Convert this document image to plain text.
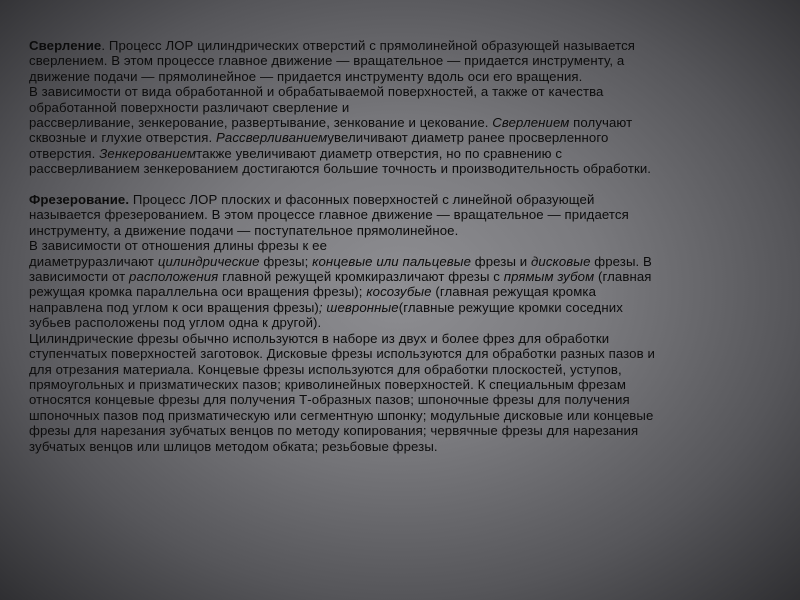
Сверление. Процесс ЛОР цилиндрических отверстий с прямолинейной образующей называется
сверлением. В этом процессе главное движение — вращательное — придается инструменту, а
движение подачи — прямолинейное — придается инструменту вдоль оси его вращения.
В зависимости от вида обработанной и обрабатываемой поверхностей, а также от качества
обработанной поверхности различают сверление и
рассверливание, зенкерование, развертывание, зенкование и цекование. Сверлением получают
сквозные и глухие отверстия. Рассверливаниемувеличивают диаметр ранее просверленного
отверстия. Зенкерованиемтакже увеличивают диаметр отверстия, но по сравнению с
рассверливанием зенкерованием достигаются большие точность и производительность обработки.
Фрезерование. Процесс ЛОР плоских и фасонных поверхностей с линейной образующей
называется фрезерованием. В этом процессе главное движение — вращательное — придается
инструменту, а движение подачи — поступательное прямолинейное.
В зависимости от отношения длины фрезы к ее
диаметруразличают цилиндрические фрезы; концевые или пальцевые фрезы и дисковые фрезы. В
зависимости от расположения главной режущей кромкиразличают фрезы с прямым зубом (главная
режущая кромка параллельна оси вращения фрезы); косозубые (главная режущая кромка
направлена под углом к оси вращения фрезы); шевронные(главные режущие кромки соседних
зубьев расположены под углом одна к другой).
Цилиндрические фрезы обычно используются в наборе из двух и более фрез для обработки
ступенчатых поверхностей заготовок. Дисковые фрезы используются для обработки разных пазов и
для отрезания материала. Концевые фрезы используются для обработки плоскостей, уступов,
прямоугольных и призматических пазов; криволинейных поверхностей. К специальным фрезам
относятся концевые фрезы для получения Т-образных пазов; шпоночные фрезы для получения
шпоночных пазов под призматическую или сегментную шпонку; модульные дисковые или концевые
фрезы для нарезания зубчатых венцов по методу копирования; червячные фрезы для нарезания
зубчатых венцов или шлицов методом обката; резьбовые фрезы.
